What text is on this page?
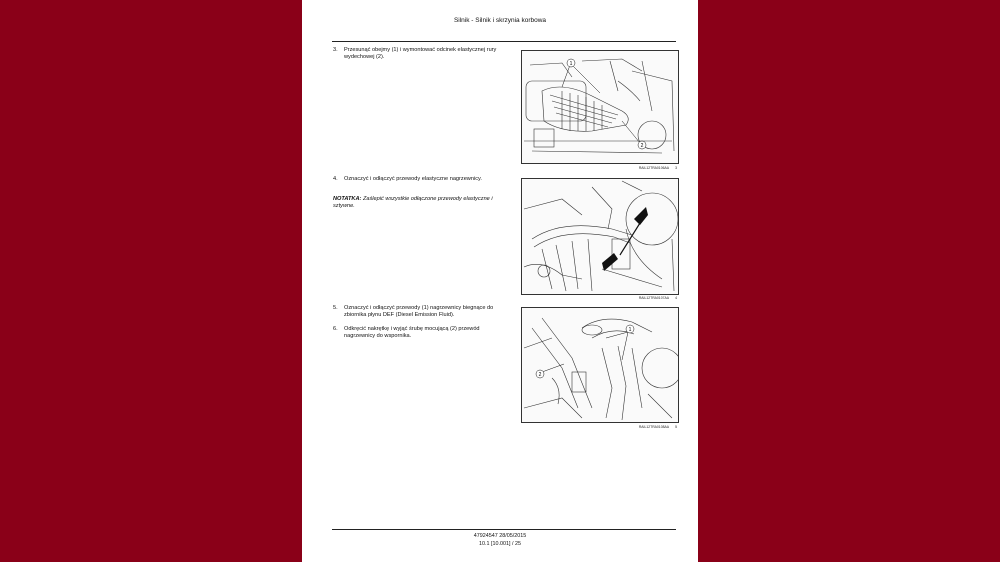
Silnik - Silnik i skrzynia korbowa
3. Przesunąć obejmy (1) i wymontować odcinek elastycznej rury wydechowej (2).
1
2
RAIL12TRA0106AA 3
4. Oznaczyć i odłączyć przewody elastyczne nagrzewnicy.
NOTATKA: Zaślepić wszystkie odłączone przewody elastyczne i sztywne.
RAIL12TRA0107AA 4
5. Oznaczyć i odłączyć przewody (1) nagrzewnicy biegnące do zbiornika płynu DEF (Diesel Emission Fluid).
6. Odkręcić nakrętkę i wyjąć śrubę mocującą (2) przewód nagrzewnicy do wspornika.
1
2
RAIL12TRA0108AA 5
47924547 28/05/2015
10.1 [10.001] / 25
